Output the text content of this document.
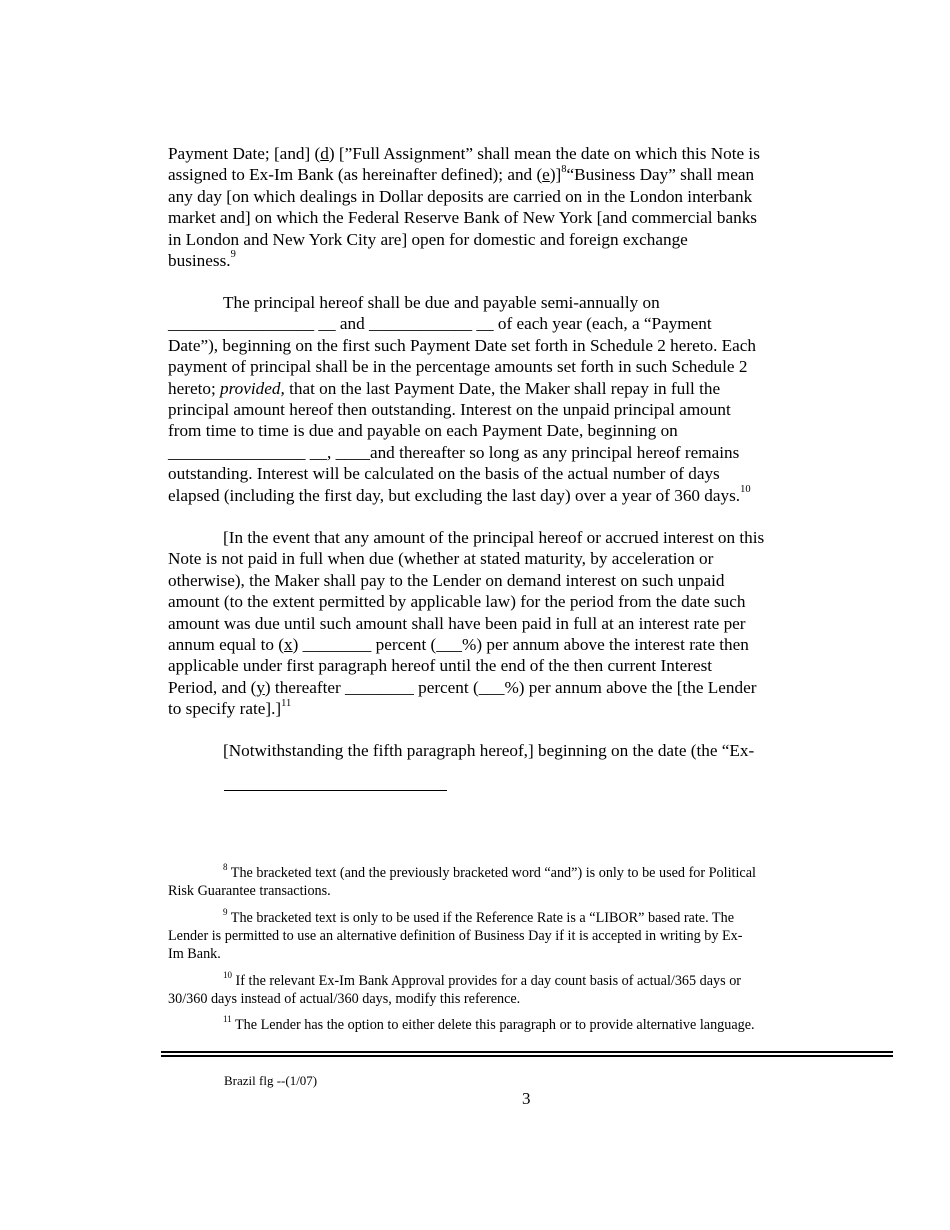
Payment Date; [and] (d) [”Full Assignment” shall mean the date on which this Note is
assigned to Ex-Im Bank (as hereinafter defined); and (e)]$^8$“Business Day” shall mean
any day [on which dealings in Dollar deposits are carried on in the London interbank
market and] on which the Federal Reserve Bank of New York [and commercial banks
in London and New York City are] open for domestic and foreign exchange
business.$^9$
The principal hereof shall be due and payable semi-annually on
_________________ __ and ____________ __ of each year (each, a “Payment
Date”), beginning on the first such Payment Date set forth in Schedule 2 hereto. Each
payment of principal shall be in the percentage amounts set forth in such Schedule 2
hereto; provided, that on the last Payment Date, the Maker shall repay in full the
principal amount hereof then outstanding. Interest on the unpaid principal amount
from time to time is due and payable on each Payment Date, beginning on
________________ __, ____and thereafter so long as any principal hereof remains
outstanding. Interest will be calculated on the basis of the actual number of days
elapsed (including the first day, but excluding the last day) over a year of 360 days.$^{10}$
[In the event that any amount of the principal hereof or accrued interest on this
Note is not paid in full when due (whether at stated maturity, by acceleration or
otherwise), the Maker shall pay to the Lender on demand interest on such unpaid
amount (to the extent permitted by applicable law) for the period from the date such
amount was due until such amount shall have been paid in full at an interest rate per
annum equal to (x) ________ percent (___%) per annum above the interest rate then
applicable under first paragraph hereof until the end of the then current Interest
Period, and (y) thereafter ________ percent (___%) per annum above the [the Lender
to specify rate].]$^{11}$
[Notwithstanding the fifth paragraph hereof,] beginning on the date (the “Ex-
$^8$ The bracketed text (and the previously bracketed word “and”) is only to be used for Political
Risk Guarantee transactions.
$^9$ The bracketed text is only to be used if the Reference Rate is a “LIBOR” based rate. The
Lender is permitted to use an alternative definition of Business Day if it is accepted in writing by Ex-
Im Bank.
$^{10}$ If the relevant Ex-Im Bank Approval provides for a day count basis of actual/365 days or
30/360 days instead of actual/360 days, modify this reference.
$^{11}$ The Lender has the option to either delete this paragraph or to provide alternative language.
Brazil flg --(1/07)
3
